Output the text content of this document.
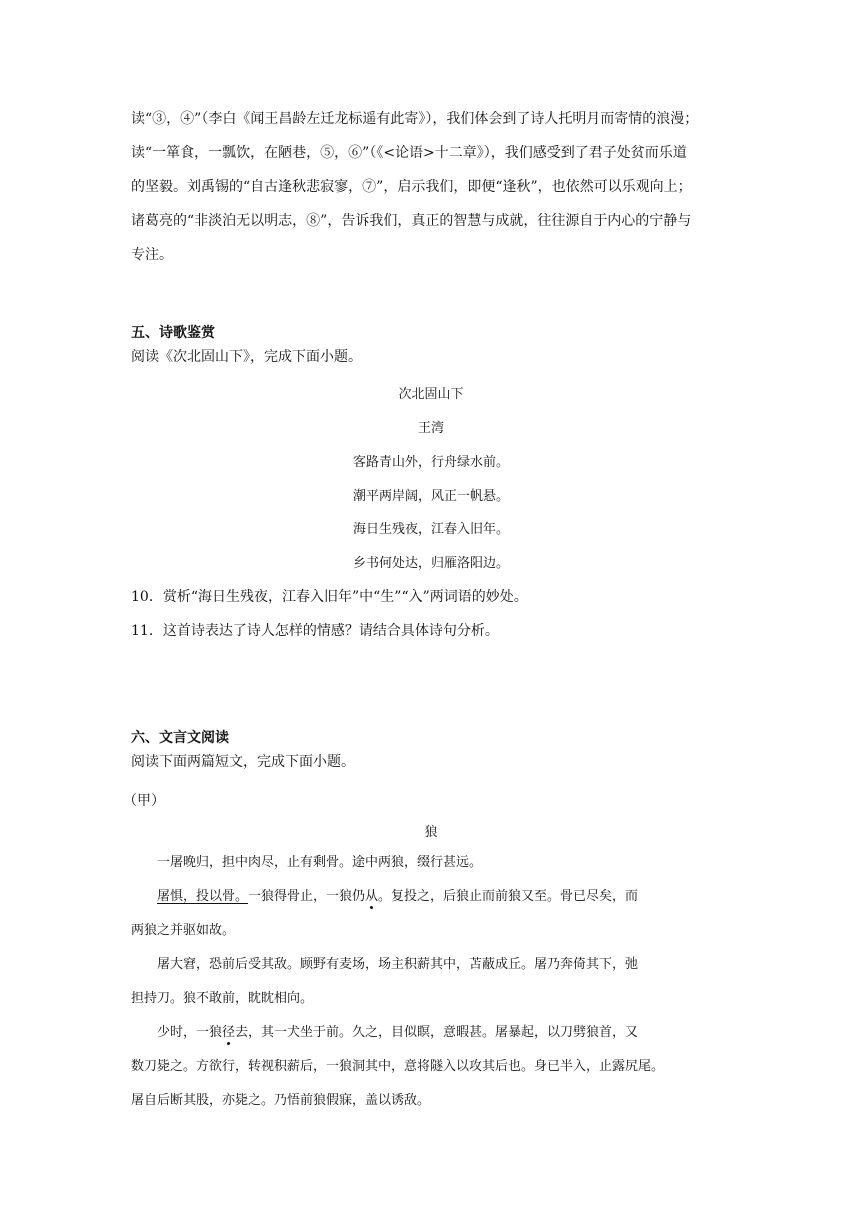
读“③，④”（李白《闻王昌龄左迁龙标遥有此寄》），我们体会到了诗人托明月而寄情的浪漫；
读“一箪食，一瓢饮，在陋巷，⑤，⑥”（《<论语>十二章》），我们感受到了君子处贫而乐道
的坚毅。刘禹锡的“自古逢秋悲寂寥，⑦”，启示我们，即便“逢秋”，也依然可以乐观向上；
诸葛亮的“非淡泊无以明志，⑧”，告诉我们，真正的智慧与成就，往往源自于内心的宁静与
专注。
五、诗歌鉴赏
阅读《次北固山下》，完成下面小题。
次北固山下
王湾
客路青山外，行舟绿水前。
潮平两岸阔，风正一帆悬。
海日生残夜，江春入旧年。
乡书何处达，归雁洛阳边。
10．赏析“海日生残夜，江春入旧年”中“生”“入”两词语的妙处。
11．这首诗表达了诗人怎样的情感？请结合具体诗句分析。
六、文言文阅读
阅读下面两篇短文，完成下面小题。
（甲）
狼
一屠晚归，担中肉尽，止有剩骨。途中两狼，缀行甚远。
屠惧，投以骨。一狼得骨止，一狼仍从。复投之，后狼止而前狼又至。骨已尽矣，而
两狼之并驱如故。
屠大窘，恐前后受其敌。顾野有麦场，场主积薪其中，苫蔽成丘。屠乃奔倚其下，弛
担持刀。狼不敢前，眈眈相向。
少时，一狼径去，其一犬坐于前。久之，目似瞑，意暇甚。屠暴起，以刀劈狼首，又
数刀毙之。方欲行，转视积薪后，一狼洞其中，意将隧入以攻其后也。身已半入，止露尻尾。
屠自后断其股，亦毙之。乃悟前狼假寐，盖以诱敌。
